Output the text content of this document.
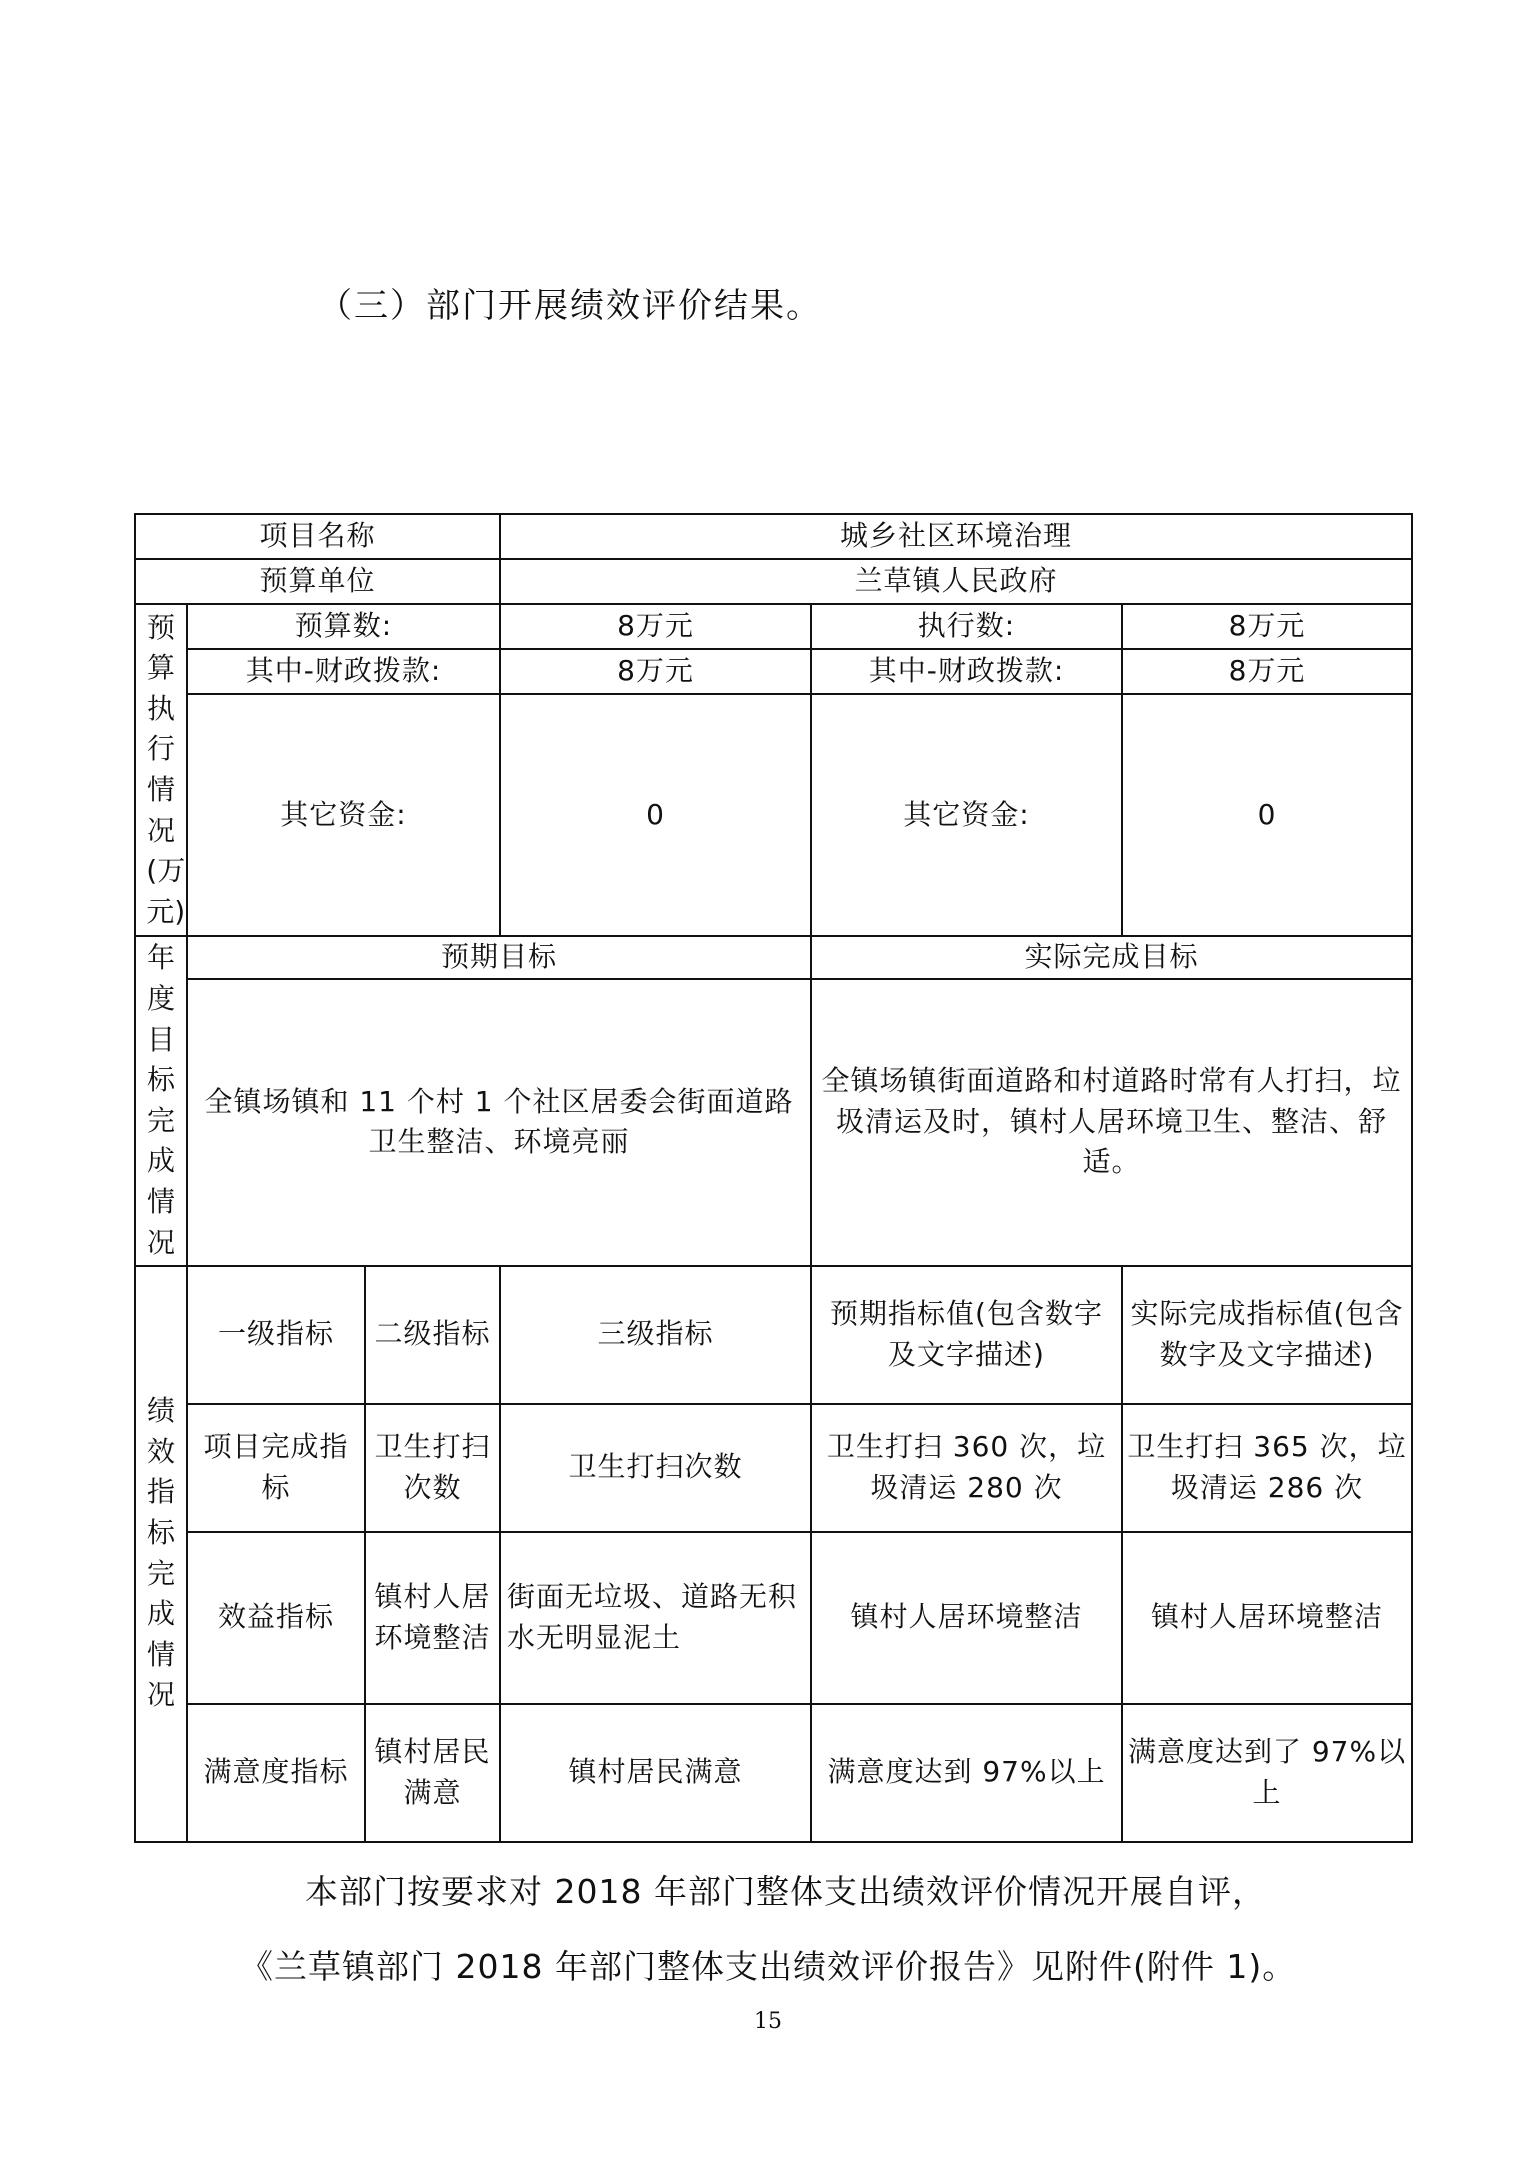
（三）部门开展绩效评价结果。
项目名称			城乡社区环境治理		
预算单位			兰草镇人民政府		

预算执行情况(万元)	预算数:		8万元	执行数:	8万元
	其中-财政拨款:		8万元	其中-财政拨款:	8万元
	其它资金:		0	其它资金:	0

年度目标完成情况	预期目标			实际完成目标	
	全镇场镇和 11 个村 1 个社区居委会街面道路卫生整洁、环境亮丽			全镇场镇街面道路和村道路时常有人打扫，垃圾清运及时，镇村人居环境卫生、整洁、舒适。	

绩效指标完成情况	一级指标	二级指标	三级指标	预期指标值(包含数字及文字描述)	实际完成指标值(包含数字及文字描述)
	项目完成指标	卫生打扫次数	卫生打扫次数	卫生打扫 360 次，垃圾清运 280 次	卫生打扫 365 次，垃圾清运 286 次
	效益指标	镇村人居环境整洁	街面无垃圾、道路无积水无明显泥土	镇村人居环境整洁	镇村人居环境整洁
	满意度指标	镇村居民满意	镇村居民满意	满意度达到 97%以上	满意度达到了 97%以上
本部门按要求对 2018 年部门整体支出绩效评价情况开展自评，
《兰草镇部门 2018 年部门整体支出绩效评价报告》见附件(附件 1)。
15
